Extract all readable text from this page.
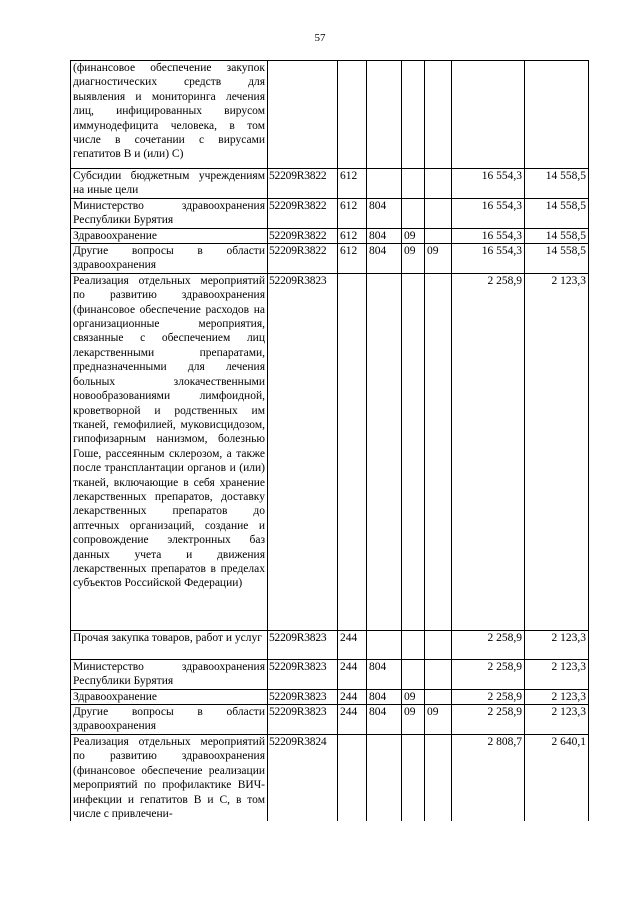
57
(финансовое обеспечение закупок диагностических средств для выявления и мониторинга лечения лиц, инфицированных вирусом иммунодефицита человека, в том числе в сочетании с вирусами гепатитов В и (или) С)							
Субсидии бюджетным учреждениям на иные цели	52209R3822	612				16 554,3	14 558,5
Министерство здравоохранения Республики Бурятия	52209R3822	612	804			16 554,3	14 558,5
Здравоохранение	52209R3822	612	804	09		16 554,3	14 558,5
Другие вопросы в области здравоохранения	52209R3822	612	804	09	09	16 554,3	14 558,5
Реализация отдельных мероприятий по развитию здравоохранения (финансовое обеспечение расходов на организационные мероприятия, связанные с обеспечением лиц лекарственными препаратами, предназначенными для лечения больных злокачественными новообразованиями лимфоидной, кроветворной и родственных им тканей, гемофилией, муковисцидозом, гипофизарным нанизмом, болезнью Гоше, рассеянным склерозом, а также после трансплантации органов и (или) тканей, включающие в себя хранение лекарственных препаратов, доставку лекарственных препаратов до аптечных организаций, создание и сопровождение электронных баз данных учета и движения лекарственных препаратов в пределах субъектов Российской Федерации)	52209R3823					2 258,9	2 123,3
Прочая закупка товаров, работ и услуг	52209R3823	244				2 258,9	2 123,3
Министерство здравоохранения Республики Бурятия	52209R3823	244	804			2 258,9	2 123,3
Здравоохранение	52209R3823	244	804	09		2 258,9	2 123,3
Другие вопросы в области здравоохранения	52209R3823	244	804	09	09	2 258,9	2 123,3
Реализация отдельных мероприятий по развитию здравоохранения (финансовое обеспечение реализации мероприятий по профилактике ВИЧ-инфекции и гепатитов В и С, в том числе с привлечени-	52209R3824					2 808,7	2 640,1
